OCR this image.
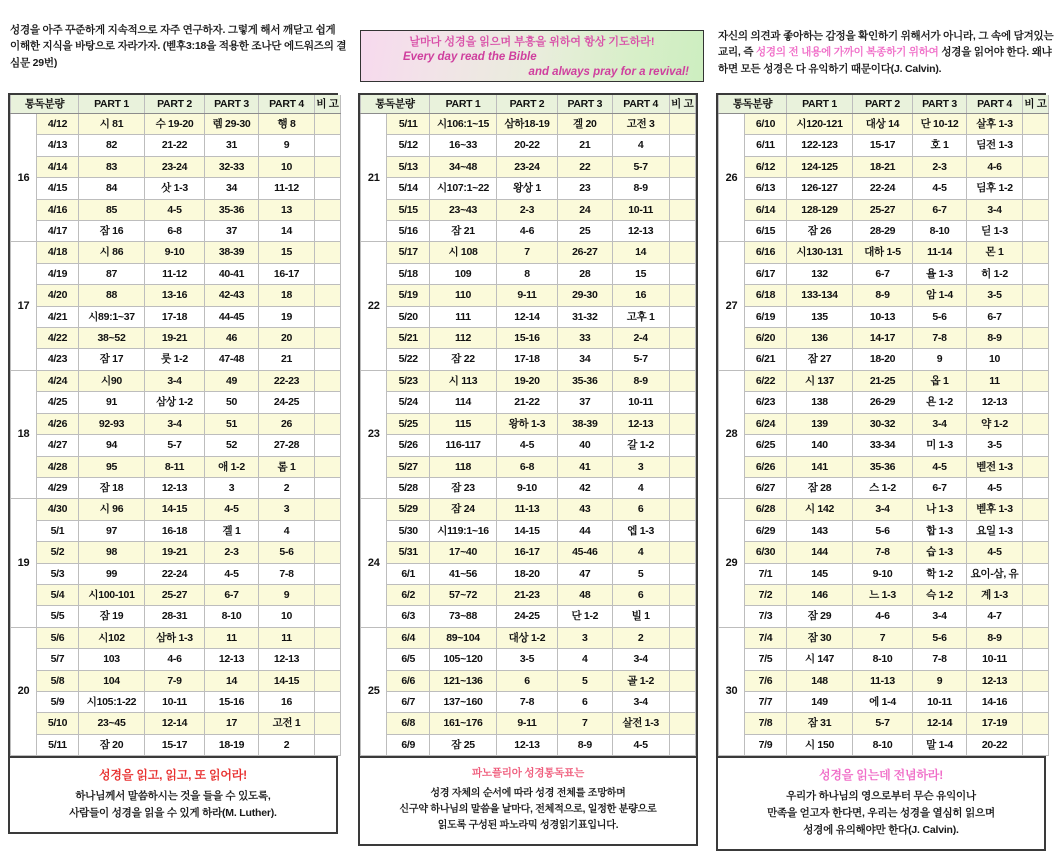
성경을 아주 꾸준하게 지속적으로 자주 연구하자. 그렇게 해서 깨닫고 쉽게 이해한 지식을 바탕으로 자라가자. (벧후3:18을 적용한 조나단 에드워즈의 결심문 29번)
통독분량		PART 1	PART 2	PART 3	PART 4	비 고
16	4/12	시 81	수 19-20	렘 29-30	행 8	
	4/13	82	21-22	31	9	
	4/14	83	23-24	32-33	10	
	4/15	84	삿 1-3	34	11-12	
	4/16	85	4-5	35-36	13	
	4/17	잠 16	6-8	37	14	
17	4/18	시 86	9-10	38-39	15	
	4/19	87	11-12	40-41	16-17	
	4/20	88	13-16	42-43	18	
	4/21	시89:1~37	17-18	44-45	19	
	4/22	38~52	19-21	46	20	
	4/23	잠 17	룻 1-2	47-48	21	
18	4/24	시90	3-4	49	22-23	
	4/25	91	삼상 1-2	50	24-25	
	4/26	92-93	3-4	51	26	
	4/27	94	5-7	52	27-28	
	4/28	95	8-11	애 1-2	롬 1	
	4/29	잠 18	12-13	3	2	
19	4/30	시 96	14-15	4-5	3	
	5/1	97	16-18	겔 1	4	
	5/2	98	19-21	2-3	5-6	
	5/3	99	22-24	4-5	7-8	
	5/4	시100-101	25-27	6-7	9	
	5/5	잠 19	28-31	8-10	10	
20	5/6	시102	삼하 1-3	11	11	
	5/7	103	4-6	12-13	12-13	
	5/8	104	7-9	14	14-15	
	5/9	시105:1-22	10-11	15-16	16	
	5/10	23~45	12-14	17	고전 1	
	5/11	잠 20	15-17	18-19	2	
성경을 읽고, 읽고, 또 읽어라!
하나님께서 말씀하시는 것을 들을 수 있도록,
사람들이 성경을 읽을 수 있게 하라(M. Luther).
날마다 성경을 읽으며 부흥을 위하여 항상 기도하라!
Every day read the Bible
and always pray for a revival!
통독분량		PART 1	PART 2	PART 3	PART 4	비 고
21	5/11	시106:1~15	삼하18-19	겔 20	고전 3	
	5/12	16~33	20-22	21	4	
	5/13	34~48	23-24	22	5-7	
	5/14	시107:1~22	왕상 1	23	8-9	
	5/15	23~43	2-3	24	10-11	
	5/16	잠 21	4-6	25	12-13	
22	5/17	시 108	7	26-27	14	
	5/18	109	8	28	15	
	5/19	110	9-11	29-30	16	
	5/20	111	12-14	31-32	고후 1	
	5/21	112	15-16	33	2-4	
	5/22	잠 22	17-18	34	5-7	
23	5/23	시 113	19-20	35-36	8-9	
	5/24	114	21-22	37	10-11	
	5/25	115	왕하 1-3	38-39	12-13	
	5/26	116-117	4-5	40	갈 1-2	
	5/27	118	6-8	41	3	
	5/28	잠 23	9-10	42	4	
24	5/29	잠 24	11-13	43	6	
	5/30	시119:1~16	14-15	44	엡 1-3	
	5/31	17~40	16-17	45-46	4	
	6/1	41~56	18-20	47	5	
	6/2	57~72	21-23	48	6	
	6/3	73~88	24-25	단 1-2	빌 1	
25	6/4	89~104	대상 1-2	3	2	
	6/5	105~120	3-5	4	3-4	
	6/6	121~136	6	5	골 1-2	
	6/7	137~160	7-8	6	3-4	
	6/8	161~176	9-11	7	살전 1-3	
	6/9	잠 25	12-13	8-9	4-5	
파노플리아 성경통독표는
성경 자체의 순서에 따라 성경 전체를 조망하며
신구약 하나님의 말씀을 날마다, 전체적으로, 일정한 분량으로
읽도록 구성된 파노라믹 성경읽기표입니다.
자신의 의견과 좋아하는 감정을 확인하기 위해서가 아니라, 그 속에 담겨있는 교리, 즉 성경의 전 내용에 가까이 복종하기 위하여 성경을 읽어야 한다. 왜냐하면 모든 성경은 다 유익하기 때문이다(J. Calvin).
통독분량		PART 1	PART 2	PART 3	PART 4	비 고
26	6/10	시120-121	대상 14	단 10-12	살후 1-3	
	6/11	122-123	15-17	호 1	딤전 1-3	
	6/12	124-125	18-21	2-3	4-6	
	6/13	126-127	22-24	4-5	딤후 1-2	
	6/14	128-129	25-27	6-7	3-4	
	6/15	잠 26	28-29	8-10	딛 1-3	
27	6/16	시130-131	대하 1-5	11-14	몬 1	
	6/17	132	6-7	욜 1-3	히 1-2	
	6/18	133-134	8-9	암 1-4	3-5	
	6/19	135	10-13	5-6	6-7	
	6/20	136	14-17	7-8	8-9	
	6/21	잠 27	18-20	9	10	
28	6/22	시 137	21-25	옵 1	11	
	6/23	138	26-29	욘 1-2	12-13	
	6/24	139	30-32	3-4	약 1-2	
	6/25	140	33-34	미 1-3	3-5	
	6/26	141	35-36	4-5	벧전 1-3	
	6/27	잠 28	스 1-2	6-7	4-5	
29	6/28	시 142	3-4	나 1-3	벧후 1-3	
	6/29	143	5-6	합 1-3	요일 1-3	
	6/30	144	7-8	습 1-3	4-5	
	7/1	145	9-10	학 1-2	요이-삼, 유	
	7/2	146	느 1-3	슥 1-2	계 1-3	
	7/3	잠 29	4-6	3-4	4-7	
30	7/4	잠 30	7	5-6	8-9	
	7/5	시 147	8-10	7-8	10-11	
	7/6	148	11-13	9	12-13	
	7/7	149	에 1-4	10-11	14-16	
	7/8	잠 31	5-7	12-14	17-19	
	7/9	시 150	8-10	말 1-4	20-22	
성경을 읽는데 전념하라!
우리가 하나님의 영으로부터 무슨 유익이나
만족을 얻고자 한다면, 우리는 성경을 열심히 읽으며
성경에 유의해야만 한다(J. Calvin).
